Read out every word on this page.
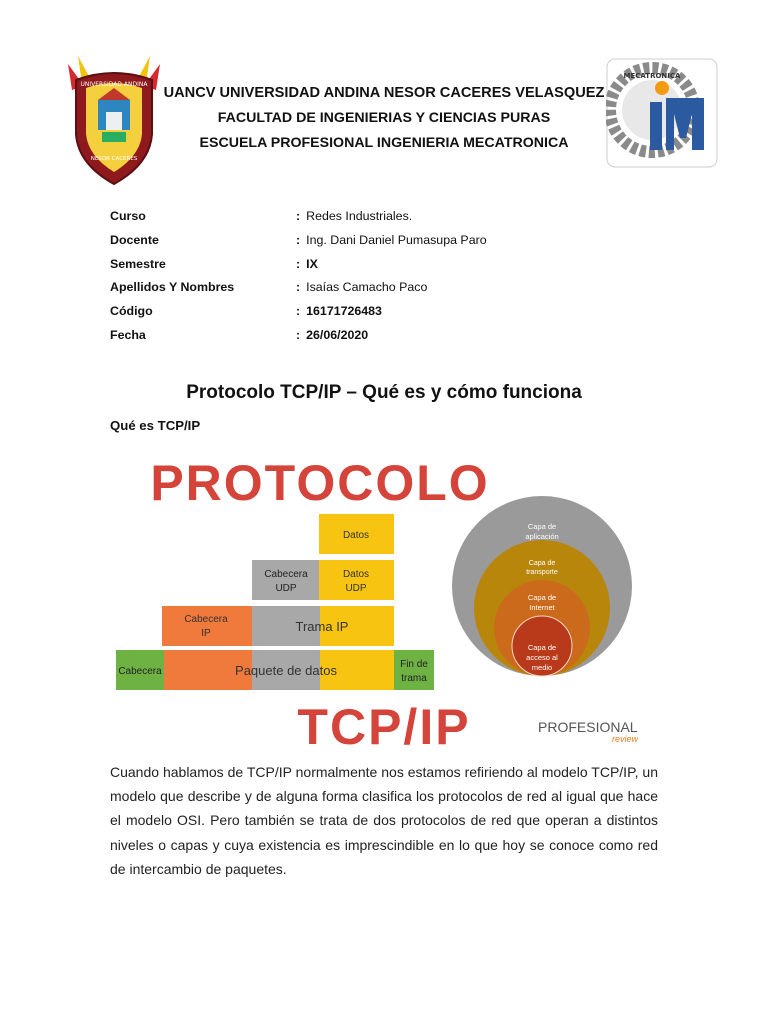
UNIVERSIDAD ANDINA
NESOR CACERES
MECATRONICA
UANCV UNIVERSIDAD ANDINA NESOR CACERES VELASQUEZ
FACULTAD DE INGENIERIAS Y CIENCIAS PURAS
ESCUELA PROFESIONAL INGENIERIA MECATRONICA
Curso	: Redes Industriales.
Docente	: Ing. Dani Daniel Pumasupa Paro
Semestre	: IX
Apellidos Y Nombres	: Isaías Camacho Paco
Código	: 16171726483
Fecha	: 26/06/2020
Protocolo TCP/IP – Qué es y cómo funciona
Qué es TCP/IP
PROTOCOLO
Datos
Cabecera
UDP
Datos
UDP
Cabecera
IP	Trama IP
Cabecera	Paquete de datos	Fin de
trama
Capa de
aplicación
Capa de
transporte
Capa de
Internet
Capa de
acceso al
medio
TCP/IP	PROFESIONAL
review
Cuando hablamos de TCP/IP normalmente nos estamos refiriendo al modelo TCP/IP, un modelo que describe y de alguna forma clasifica los protocolos de red al igual que hace el modelo OSI. Pero también se trata de dos protocolos de red que operan a distintos niveles o capas y cuya existencia es imprescindible en lo que hoy se conoce como red de intercambio de paquetes.
